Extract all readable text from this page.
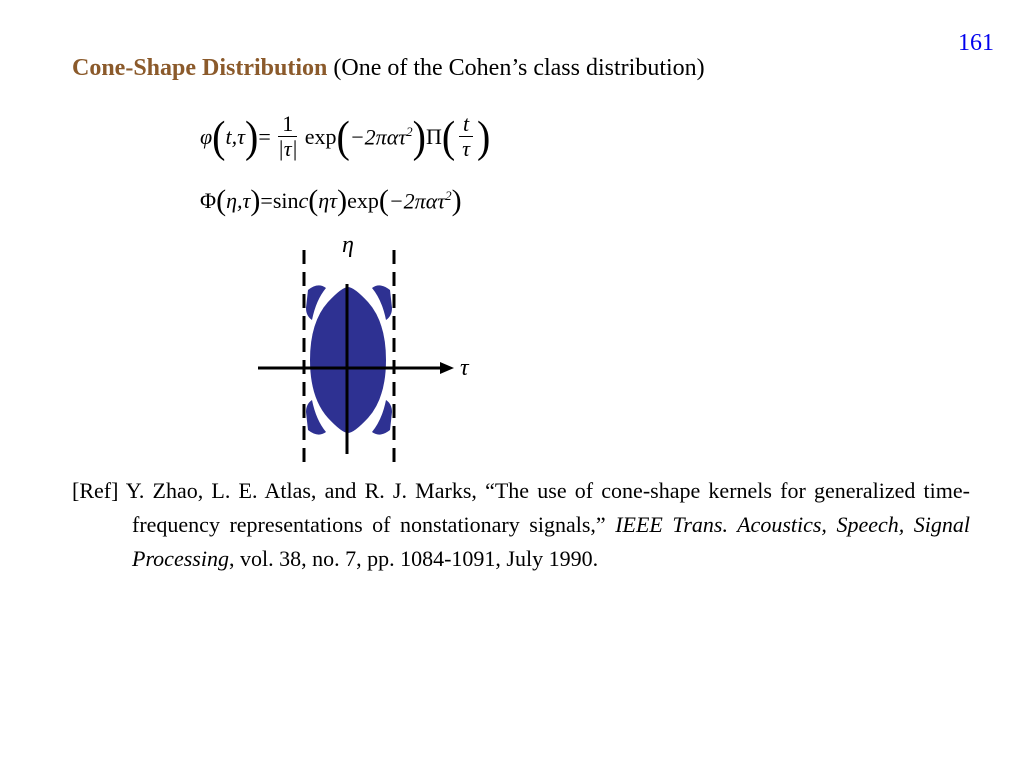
161
Cone-Shape Distribution (One of the Cohen’s class distribution)
φ ( t,τ ) = $\frac{1}{|\tau|}$ exp ( −2πατ$^2$ ) Π ( $\frac{t}{\tau}$ )
Φ ( η,τ ) = sin c ( ητ ) exp ( −2πατ$^2$ )
η
τ
[Ref] Y. Zhao, L. E. Atlas, and R. J. Marks, “The use of cone-shape kernels for generalized time-frequency representations of nonstationary signals,” IEEE Trans. Acoustics, Speech, Signal Processing, vol. 38, no. 7, pp. 1084-1091, July 1990.
